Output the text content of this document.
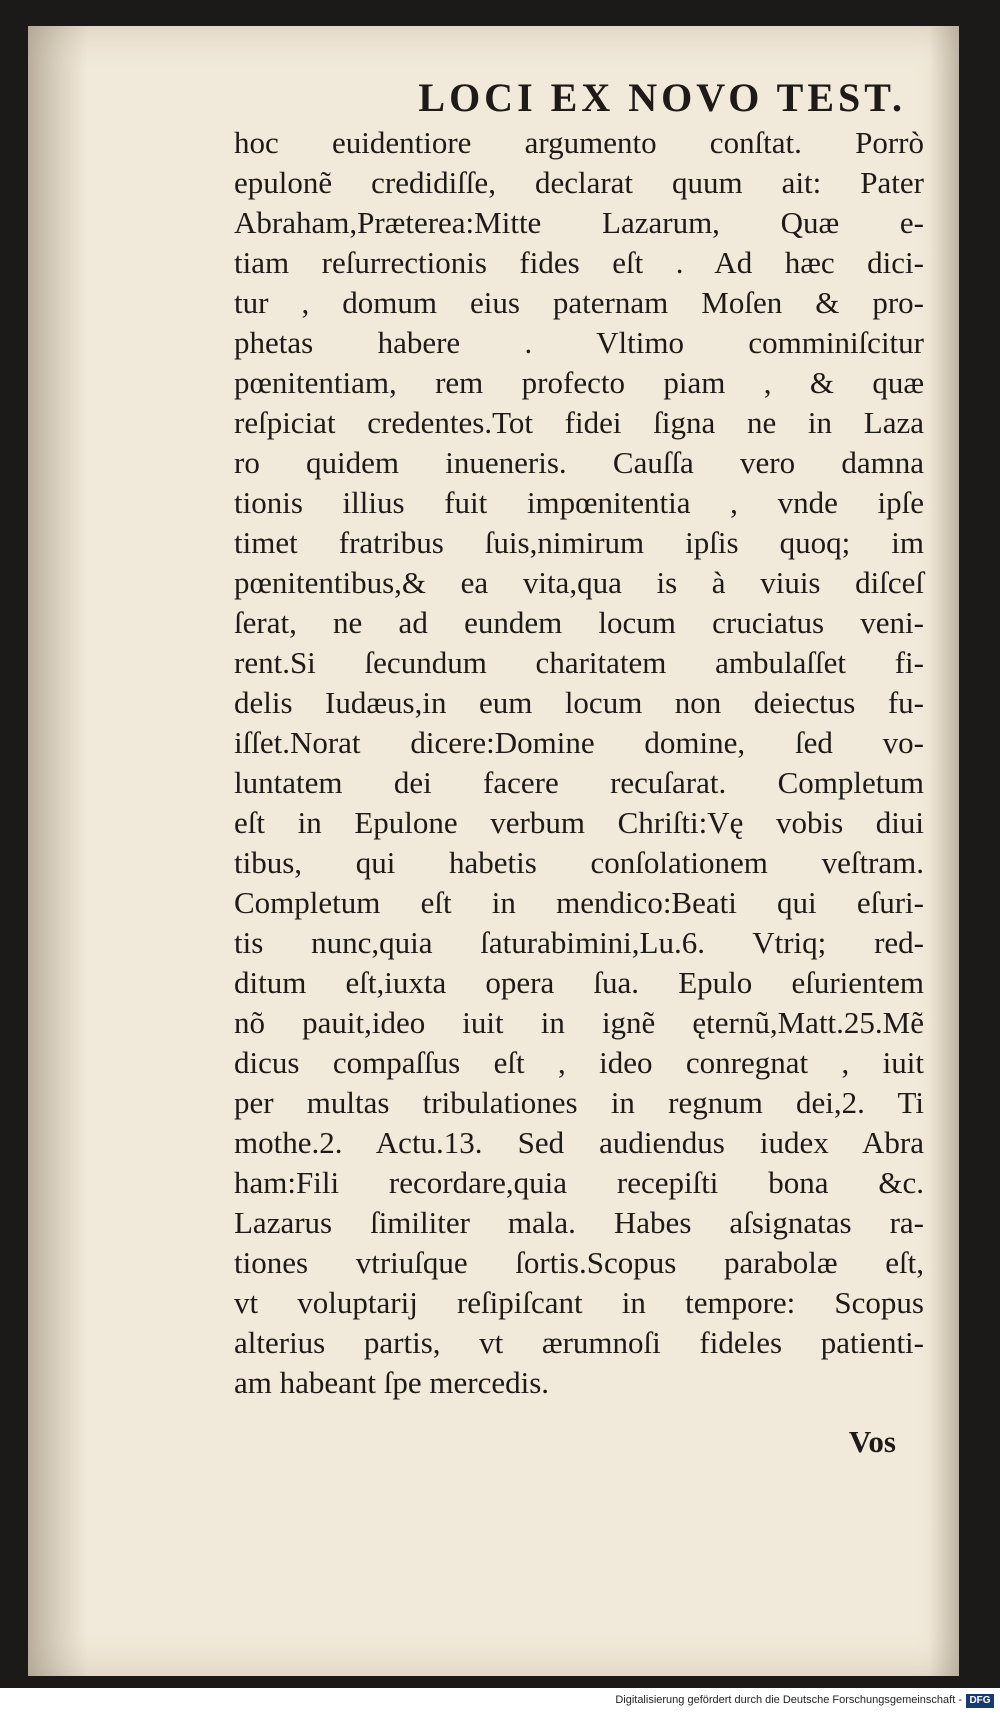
LOCI EX NOVO TEST.
hoc euidentiore argumento conſtat. Porrò
epulonẽ credidiſſe, declarat quum ait: Pater
Abraham,Præterea:Mitte Lazarum, Quæ e-
tiam reſurrectionis fides eſt . Ad hæc dici-
tur , domum eius paternam Moſen & pro-
phetas habere . Vltimo comminiſcitur
pœnitentiam, rem profecto piam , & quæ
reſpiciat credentes.Tot fidei ſigna ne in Laza
ro quidem inueneris. Cauſſa vero damna
tionis illius fuit impœnitentia , vnde ipſe
timet fratribus ſuis,nimirum ipſis quoq; im
pœnitentibus,& ea vita,qua is à viuis diſceſ
ſerat, ne ad eundem locum cruciatus veni-
rent.Si ſecundum charitatem ambulaſſet fi-
delis Iudæus,in eum locum non deiectus fu-
iſſet.Norat dicere:Domine domine, ſed vo-
luntatem dei facere recuſarat. Completum
eſt in Epulone verbum Chriſti:Vę vobis diui
tibus, qui habetis conſolationem veſtram.
Completum eſt in mendico:Beati qui eſuri-
tis nunc,quia ſaturabimini,Lu.6. Vtriq; red-
ditum eſt,iuxta opera ſua. Epulo eſurientem
nõ pauit,ideo iuit in ignẽ ęternũ,Matt.25.Mẽ
dicus compaſſus eſt , ideo conregnat , iuit
per multas tribulationes in regnum dei,2. Ti
mothe.2. Actu.13. Sed audiendus iudex Abra
ham:Fili recordare,quia recepiſti bona &c.
Lazarus ſimiliter mala. Habes aſsignatas ra-
tiones vtriuſque ſortis.Scopus parabolæ eſt,
vt voluptarij reſipiſcant in tempore: Scopus
alterius partis, vt ærumnoſi fideles patienti-
am habeant ſpe mercedis.
Vos
Digitalisierung gefördert durch die Deutsche Forschungsgemeinschaft - DFG
